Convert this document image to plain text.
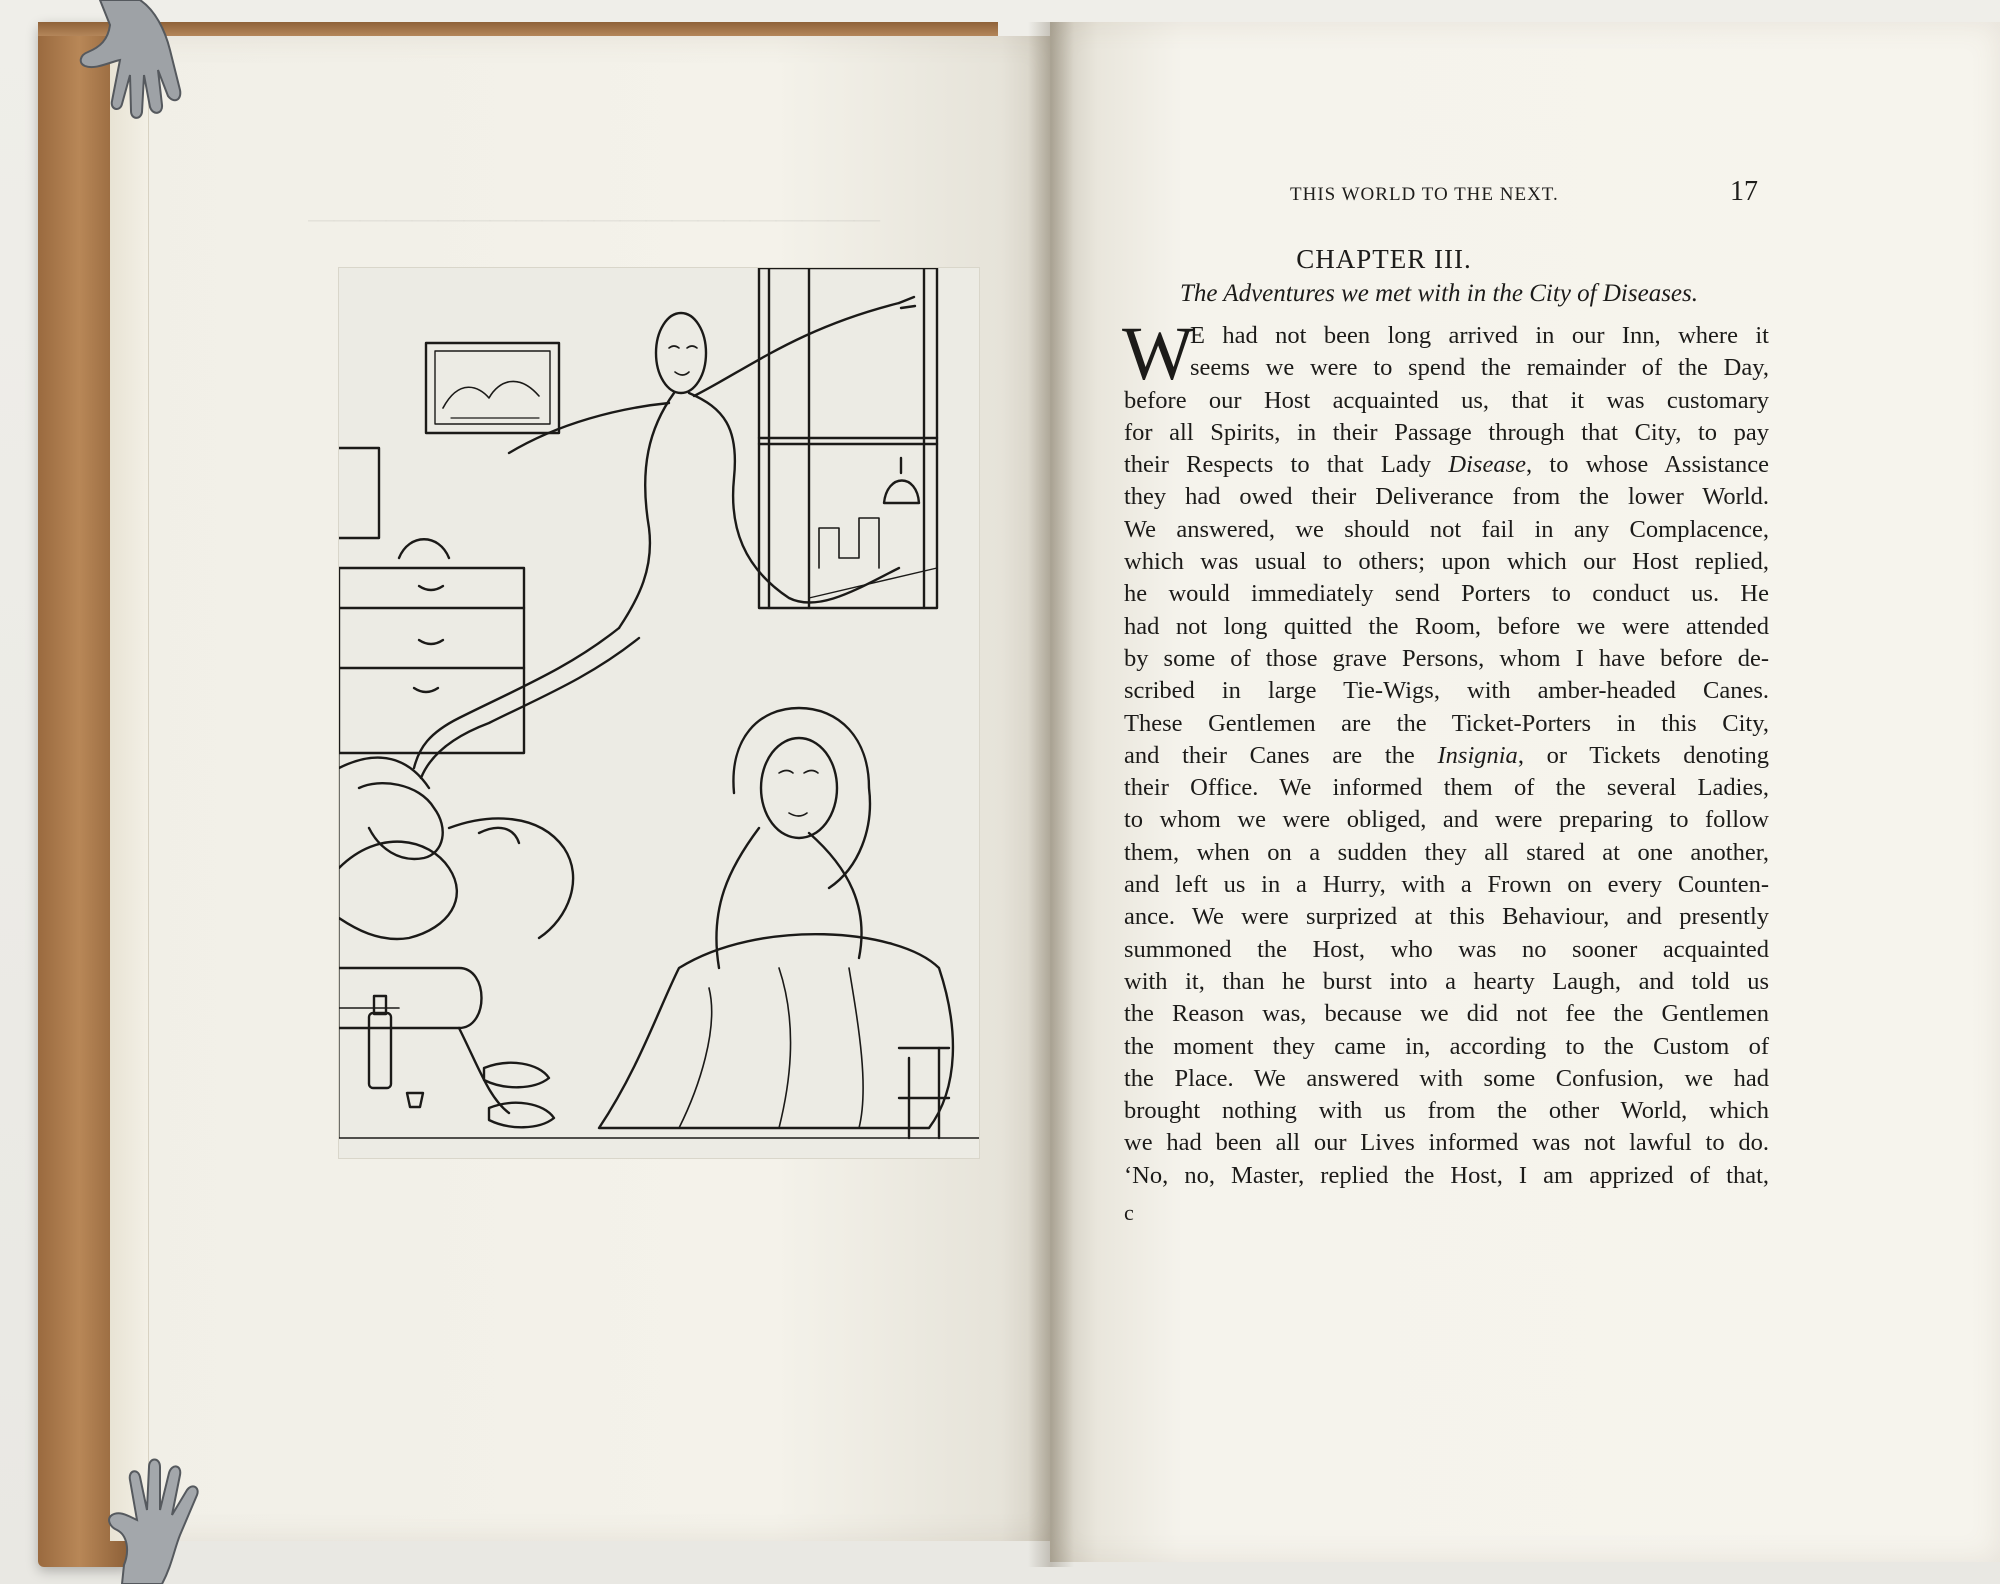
——————————————————————
THIS WORLD TO THE NEXT.	17
CHAPTER III.
The Adventures we met with in the City of Diseases.
W
E had not been long arrived in our Inn, where it
seems we were to spend the remainder of the Day,
before our Host acquainted us, that it was customary
for all Spirits, in their Passage through that City, to pay
their Respects to that Lady Disease, to whose Assistance
they had owed their Deliverance from the lower World.
We answered, we should not fail in any Complacence,
which was usual to others; upon which our Host replied,
he would immediately send Porters to conduct us. He
had not long quitted the Room, before we were attended
by some of those grave Persons, whom I have before de-
scribed in large Tie-Wigs, with amber-headed Canes.
These Gentlemen are the Ticket-Porters in this City,
and their Canes are the Insignia, or Tickets denoting
their Office. We informed them of the several Ladies,
to whom we were obliged, and were preparing to follow
them, when on a sudden they all stared at one another,
and left us in a Hurry, with a Frown on every Counten-
ance. We were surprized at this Behaviour, and presently
summoned the Host, who was no sooner acquainted
with it, than he burst into a hearty Laugh, and told us
the Reason was, because we did not fee the Gentlemen
the moment they came in, according to the Custom of
the Place. We answered with some Confusion, we had
brought nothing with us from the other World, which
we had been all our Lives informed was not lawful to do.
‘No, no, Master, replied the Host, I am apprized of that,
c
